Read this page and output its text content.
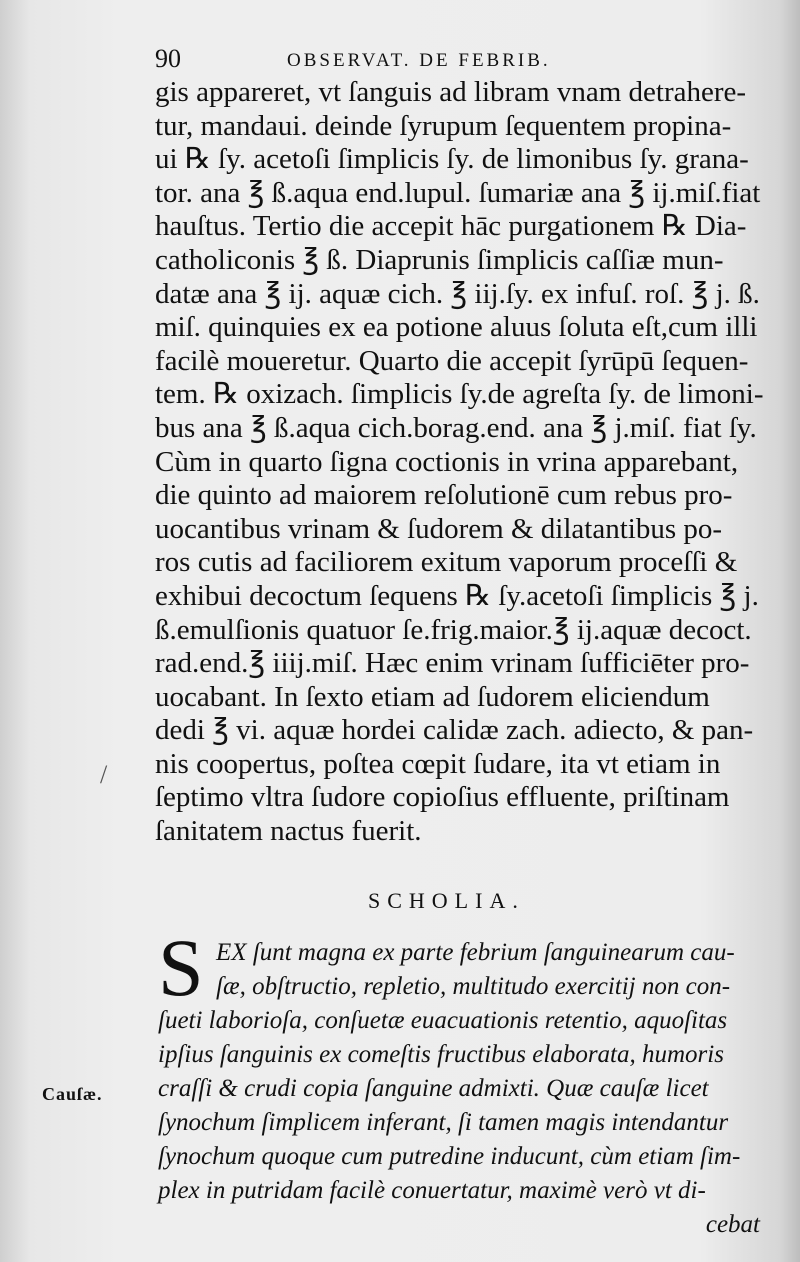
90	OBSERVAT. DE FEBRIB.
gis appareret, vt ſanguis ad libram vnam detrahere-
tur, mandaui. deinde ſyrupum ſequentem propina-
ui ℞ ſy. acetoſi ſimplicis ſy. de limonibus ſy. grana-
tor. ana ℥ ß.aqua end.lupul. ſumariæ ana ℥ ij.miſ.fiat
hauſtus. Tertio die accepit hāc purgationem ℞ Dia-
catholiconis ℥ ß. Diaprunis ſimplicis caſſiæ mun-
datæ ana ℥ ij. aquæ cich. ℥ iij.ſy. ex infuſ. roſ. ℥ j. ß.
miſ. quinquies ex ea potione aluus ſoluta eſt,cum illi
facilè moueretur. Quarto die accepit ſyrūpū ſequen-
tem. ℞ oxizach. ſimplicis ſy.de agreſta ſy. de limoni-
bus ana ℥ ß.aqua cich.borag.end. ana ℥ j.miſ. fiat ſy.
Cùm in quarto ſigna coctionis in vrina apparebant,
die quinto ad maiorem reſolutionē cum rebus pro-
uocantibus vrinam & ſudorem & dilatantibus po-
ros cutis ad faciliorem exitum vaporum proceſſi &
exhibui decoctum ſequens ℞ ſy.acetoſi ſimplicis ℥ j.
ß.emulſionis quatuor ſe.frig.maior.℥ ij.aquæ decoct.
rad.end.℥ iiij.miſ. Hæc enim vrinam ſufficiēter pro-
uocabant. In ſexto etiam ad ſudorem eliciendum
dedi ℥ vi. aquæ hordei calidæ zach. adiecto, & pan-
nis coopertus, poſtea cœpit ſudare, ita vt etiam in
ſeptimo vltra ſudore copioſius effluente, priſtinam
ſanitatem nactus fuerit.
/
SCHOLIA.
S EX ſunt magna ex parte febrium ſanguinearum cau-
ſæ, obſtructio, repletio, multitudo exercitij non con-
ſueti laborioſa, conſuetæ euacuationis retentio, aquoſitas
ipſius ſanguinis ex comeſtis fructibus elaborata, humoris
craſſi & crudi copia ſanguine admixti. Quæ cauſæ licet
ſynochum ſimplicem inferant, ſi tamen magis intendantur
ſynochum quoque cum putredine inducunt, cùm etiam ſim-
plex in putridam facilè conuertatur, maximè verò vt di-
cebat
Cauſæ.
